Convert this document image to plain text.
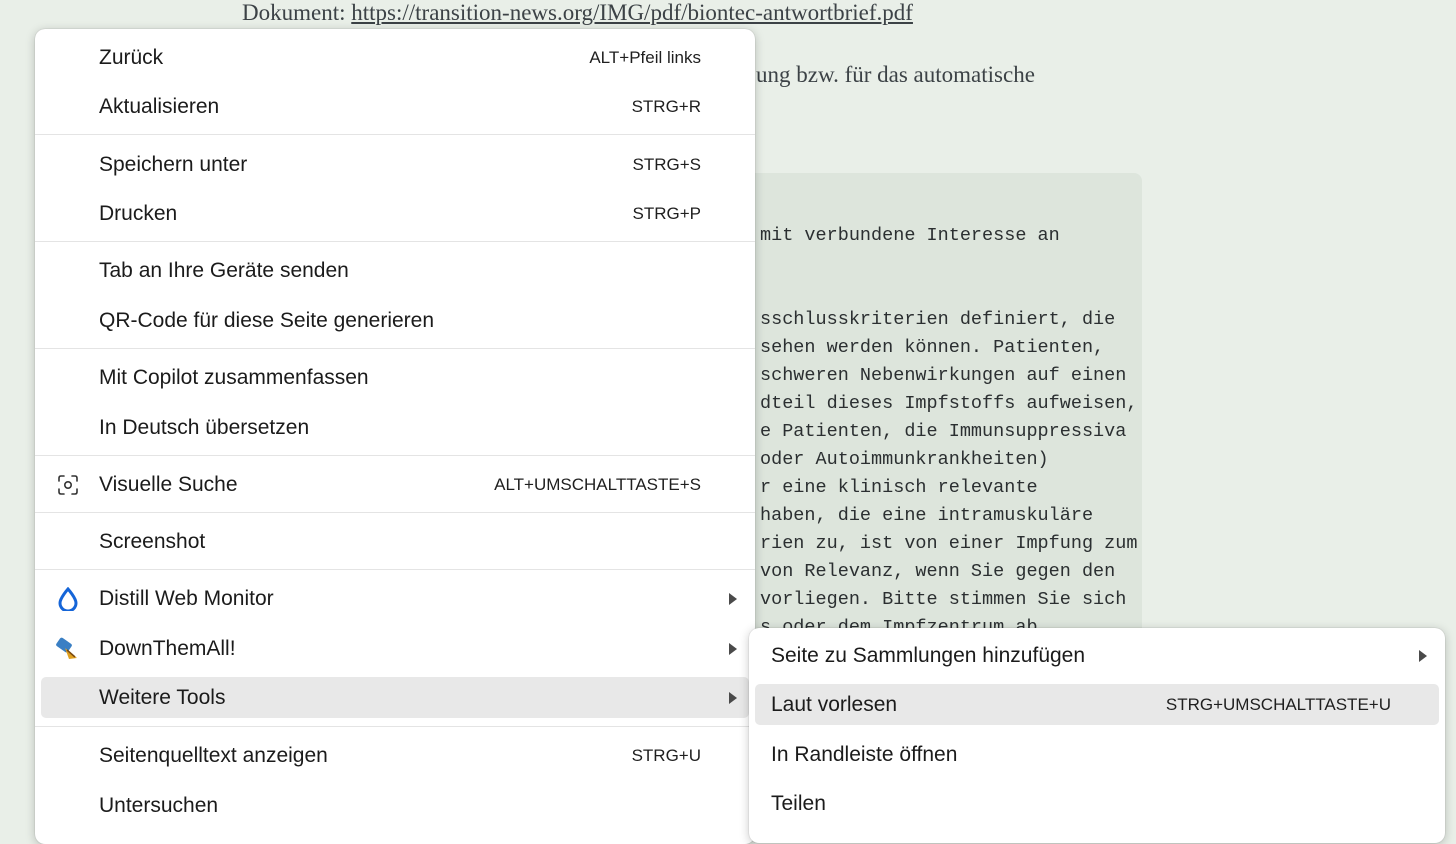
Dokument: https://transition-news.org/IMG/pdf/biontec-antwortbrief.pdf
ung bzw. für das automatische
mit verbundene Interesse an
sschlusskriterien definiert, die
sehen werden können. Patienten,
schweren Nebenwirkungen auf einen
dteil dieses Impfstoffs aufweisen,
e Patienten, die Immunsuppressiva
oder Autoimmunkrankheiten)
r eine klinisch relevante
haben, die eine intramuskuläre
rien zu, ist von einer Impfung zum
von Relevanz, wenn Sie gegen den
vorliegen. Bitte stimmen Sie sich
Zurück	ALT+Pfeil links
Aktualisieren	STRG+R
Speichern unter	STRG+S
Drucken	STRG+P
Tab an Ihre Geräte senden
QR-Code für diese Seite generieren
Mit Copilot zusammenfassen
In Deutsch übersetzen
Visuelle Suche	ALT+UMSCHALTTASTE+S
Screenshot
Distill Web Monitor
DownThemAll!
Weitere Tools
Seitenquelltext anzeigen	STRG+U
Untersuchen
Seite zu Sammlungen hinzufügen
Laut vorlesen	STRG+UMSCHALTTASTE+U
In Randleiste öffnen
Teilen
